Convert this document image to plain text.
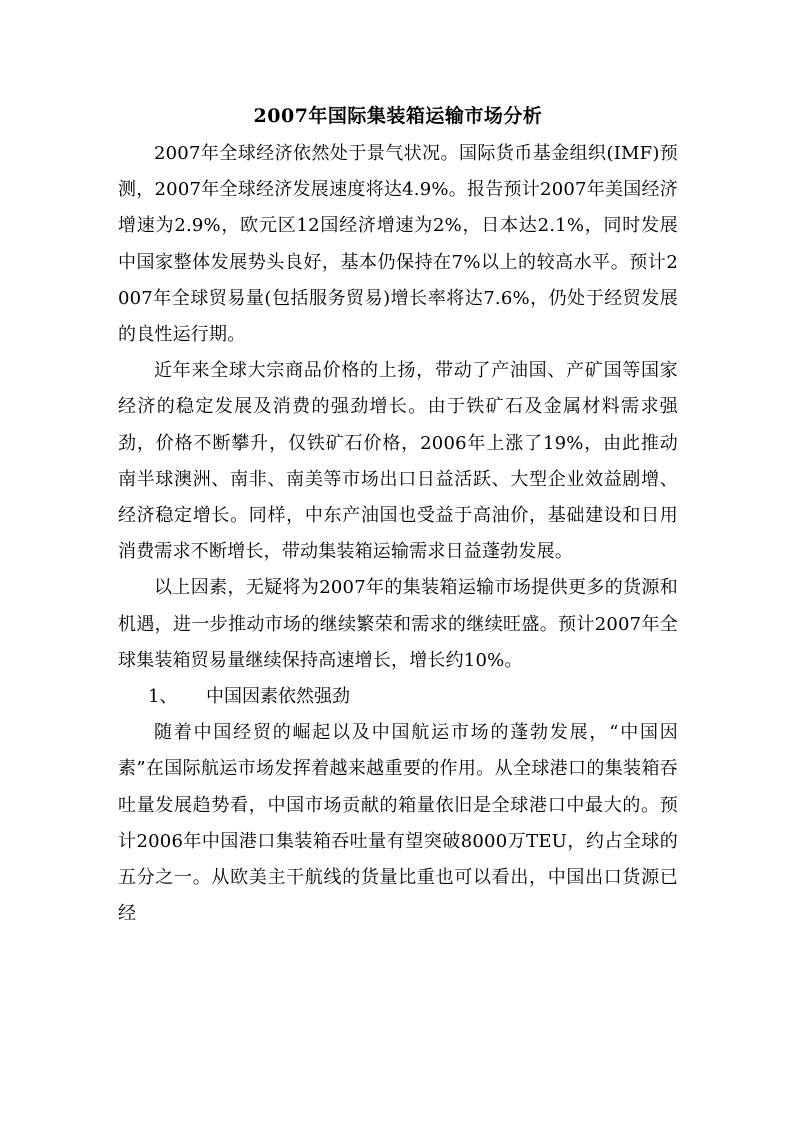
2007年国际集装箱运输市场分析

2007年全球经济依然处于景气状况。国际货币基金组织(IMF)预测，2007年全球经济发展速度将达4.9%。报告预计2007年美国经济增速为2.9%，欧元区12国经济增速为2%，日本达2.1%，同时发展中国家整体发展势头良好，基本仍保持在7%以上的较高水平。预计2007年全球贸易量(包括服务贸易)增长率将达7.6%，仍处于经贸发展的良性运行期。

近年来全球大宗商品价格的上扬，带动了产油国、产矿国等国家经济的稳定发展及消费的强劲增长。由于铁矿石及金属材料需求强劲，价格不断攀升，仅铁矿石价格，2006年上涨了19%，由此推动南半球澳洲、南非、南美等市场出口日益活跃、大型企业效益剧增、经济稳定增长。同样，中东产油国也受益于高油价，基础建设和日用消费需求不断增长，带动集装箱运输需求日益蓬勃发展。

以上因素，无疑将为2007年的集装箱运输市场提供更多的货源和机遇，进一步推动市场的继续繁荣和需求的继续旺盛。预计2007年全球集装箱贸易量继续保持高速增长，增长约10%。

1、	中国因素依然强劲

随着中国经贸的崛起以及中国航运市场的蓬勃发展，“中国因素”在国际航运市场发挥着越来越重要的作用。从全球港口的集装箱吞吐量发展趋势看，中国市场贡献的箱量依旧是全球港口中最大的。预计2006年中国港口集装箱吞吐量有望突破8000万TEU，约占全球的五分之一。从欧美主干航线的货量比重也可以看出，中国出口货源已经
